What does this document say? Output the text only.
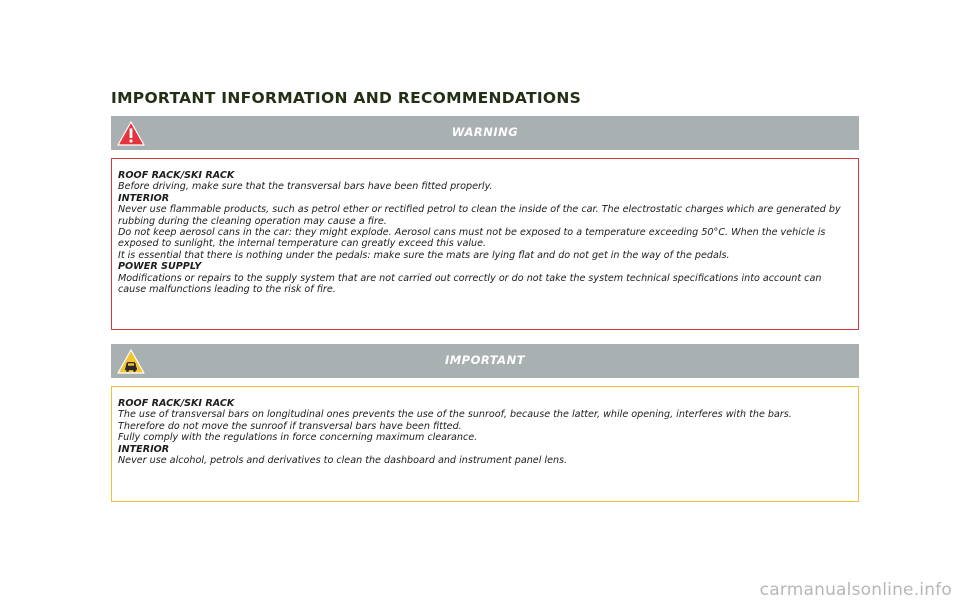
IMPORTANT INFORMATION AND RECOMMENDATIONS
WARNING
ROOF RACK/SKI RACK
Before driving, make sure that the transversal bars have been fitted properly.
INTERIOR
Never use flammable products, such as petrol ether or rectified petrol to clean the inside of the car. The electrostatic charges which are generated by rubbing during the cleaning operation may cause a fire.
Do not keep aerosol cans in the car: they might explode. Aerosol cans must not be exposed to a temperature exceeding 50°C. When the vehicle is exposed to sunlight, the internal temperature can greatly exceed this value.
It is essential that there is nothing under the pedals: make sure the mats are lying flat and do not get in the way of the pedals.
POWER SUPPLY
Modifications or repairs to the supply system that are not carried out correctly or do not take the system technical specifications into account can cause malfunctions leading to the risk of fire.
IMPORTANT
ROOF RACK/SKI RACK
The use of transversal bars on longitudinal ones prevents the use of the sunroof, because the latter, while opening, interferes with the bars.
Therefore do not move the sunroof if transversal bars have been fitted.
Fully comply with the regulations in force concerning maximum clearance.
INTERIOR
Never use alcohol, petrols and derivatives to clean the dashboard and instrument panel lens.
carmanualsonline.info
